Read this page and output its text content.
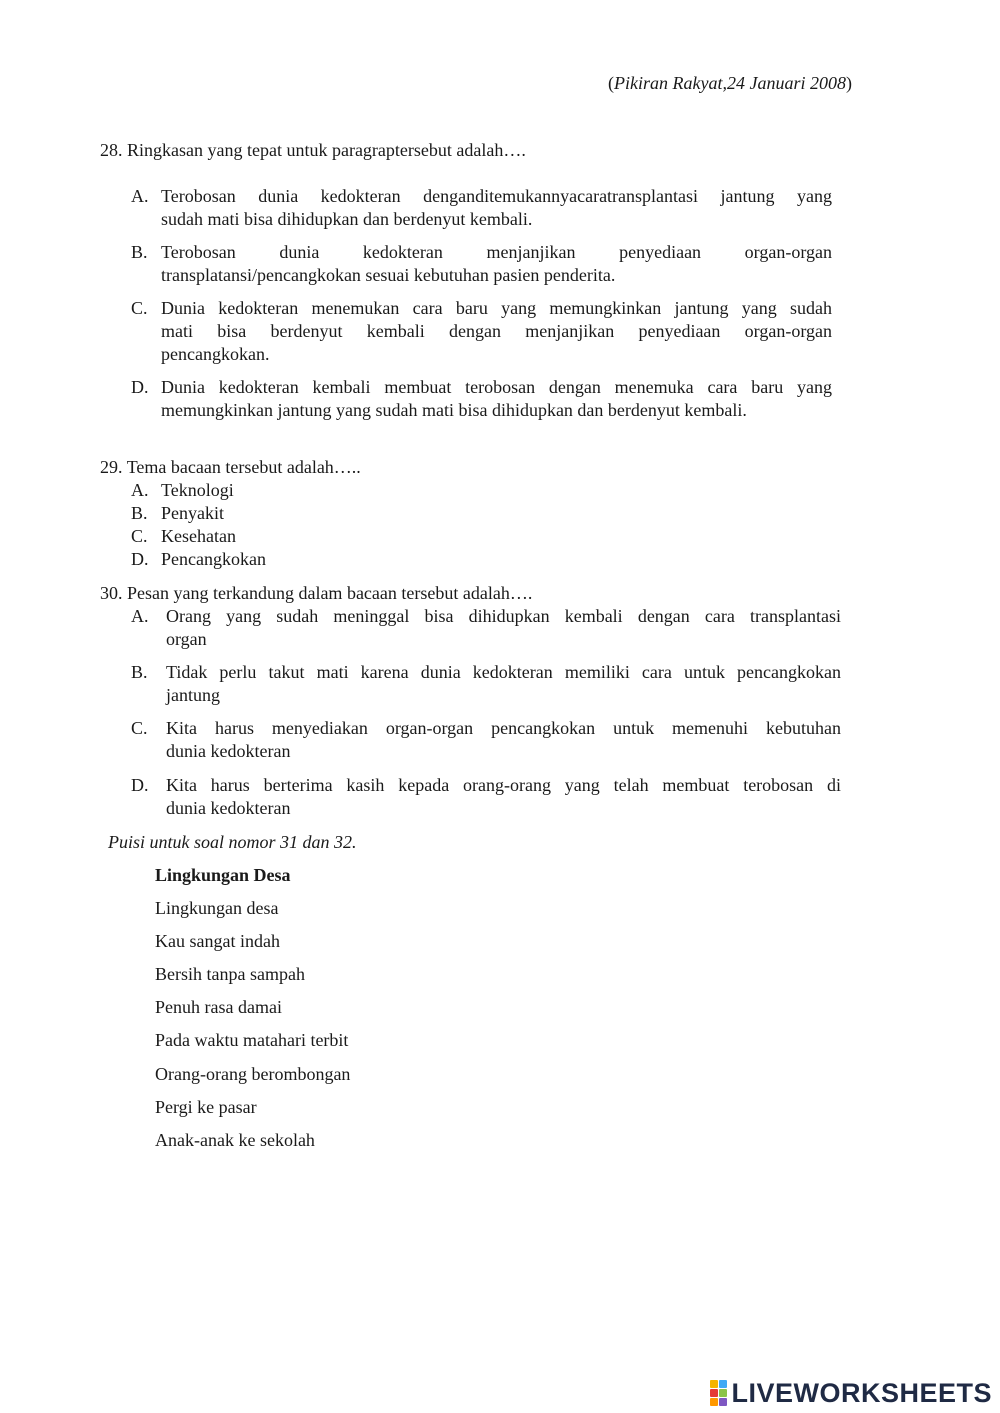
(Pikiran Rakyat,24 Januari 2008)
28. Ringkasan yang tepat untuk paragraptersebut adalah….
A. Terobosan dunia kedokteran denganditemukannyacaratransplantasi jantung yang
sudah mati bisa dihidupkan dan berdenyut kembali.
B. Terobosan dunia kedokteran menjanjikan penyediaan organ-organ
transplatansi/pencangkokan sesuai kebutuhan pasien penderita.
C. Dunia kedokteran menemukan cara baru yang memungkinkan jantung yang sudah
mati bisa berdenyut kembali dengan menjanjikan penyediaan organ-organ
pencangkokan.
D. Dunia kedokteran kembali membuat terobosan dengan menemuka cara baru yang
memungkinkan jantung yang sudah mati bisa dihidupkan dan berdenyut kembali.
29. Tema bacaan tersebut adalah…..
A. Teknologi
B. Penyakit
C. Kesehatan
D. Pencangkokan
30. Pesan yang terkandung dalam bacaan tersebut adalah….
A. Orang yang sudah meninggal bisa dihidupkan kembali dengan cara transplantasi
organ
B. Tidak perlu takut mati karena dunia kedokteran memiliki cara untuk pencangkokan
jantung
C. Kita harus menyediakan organ-organ pencangkokan untuk memenuhi kebutuhan
dunia kedokteran
D. Kita harus berterima kasih kepada orang-orang yang telah membuat terobosan di
dunia kedokteran
Puisi untuk soal nomor 31 dan 32.
Lingkungan Desa
Lingkungan desa
Kau sangat indah
Bersih tanpa sampah
Penuh rasa damai
Pada waktu matahari terbit
Orang-orang berombongan
Pergi ke pasar
Anak-anak ke sekolah
LIVEWORKSHEETS
